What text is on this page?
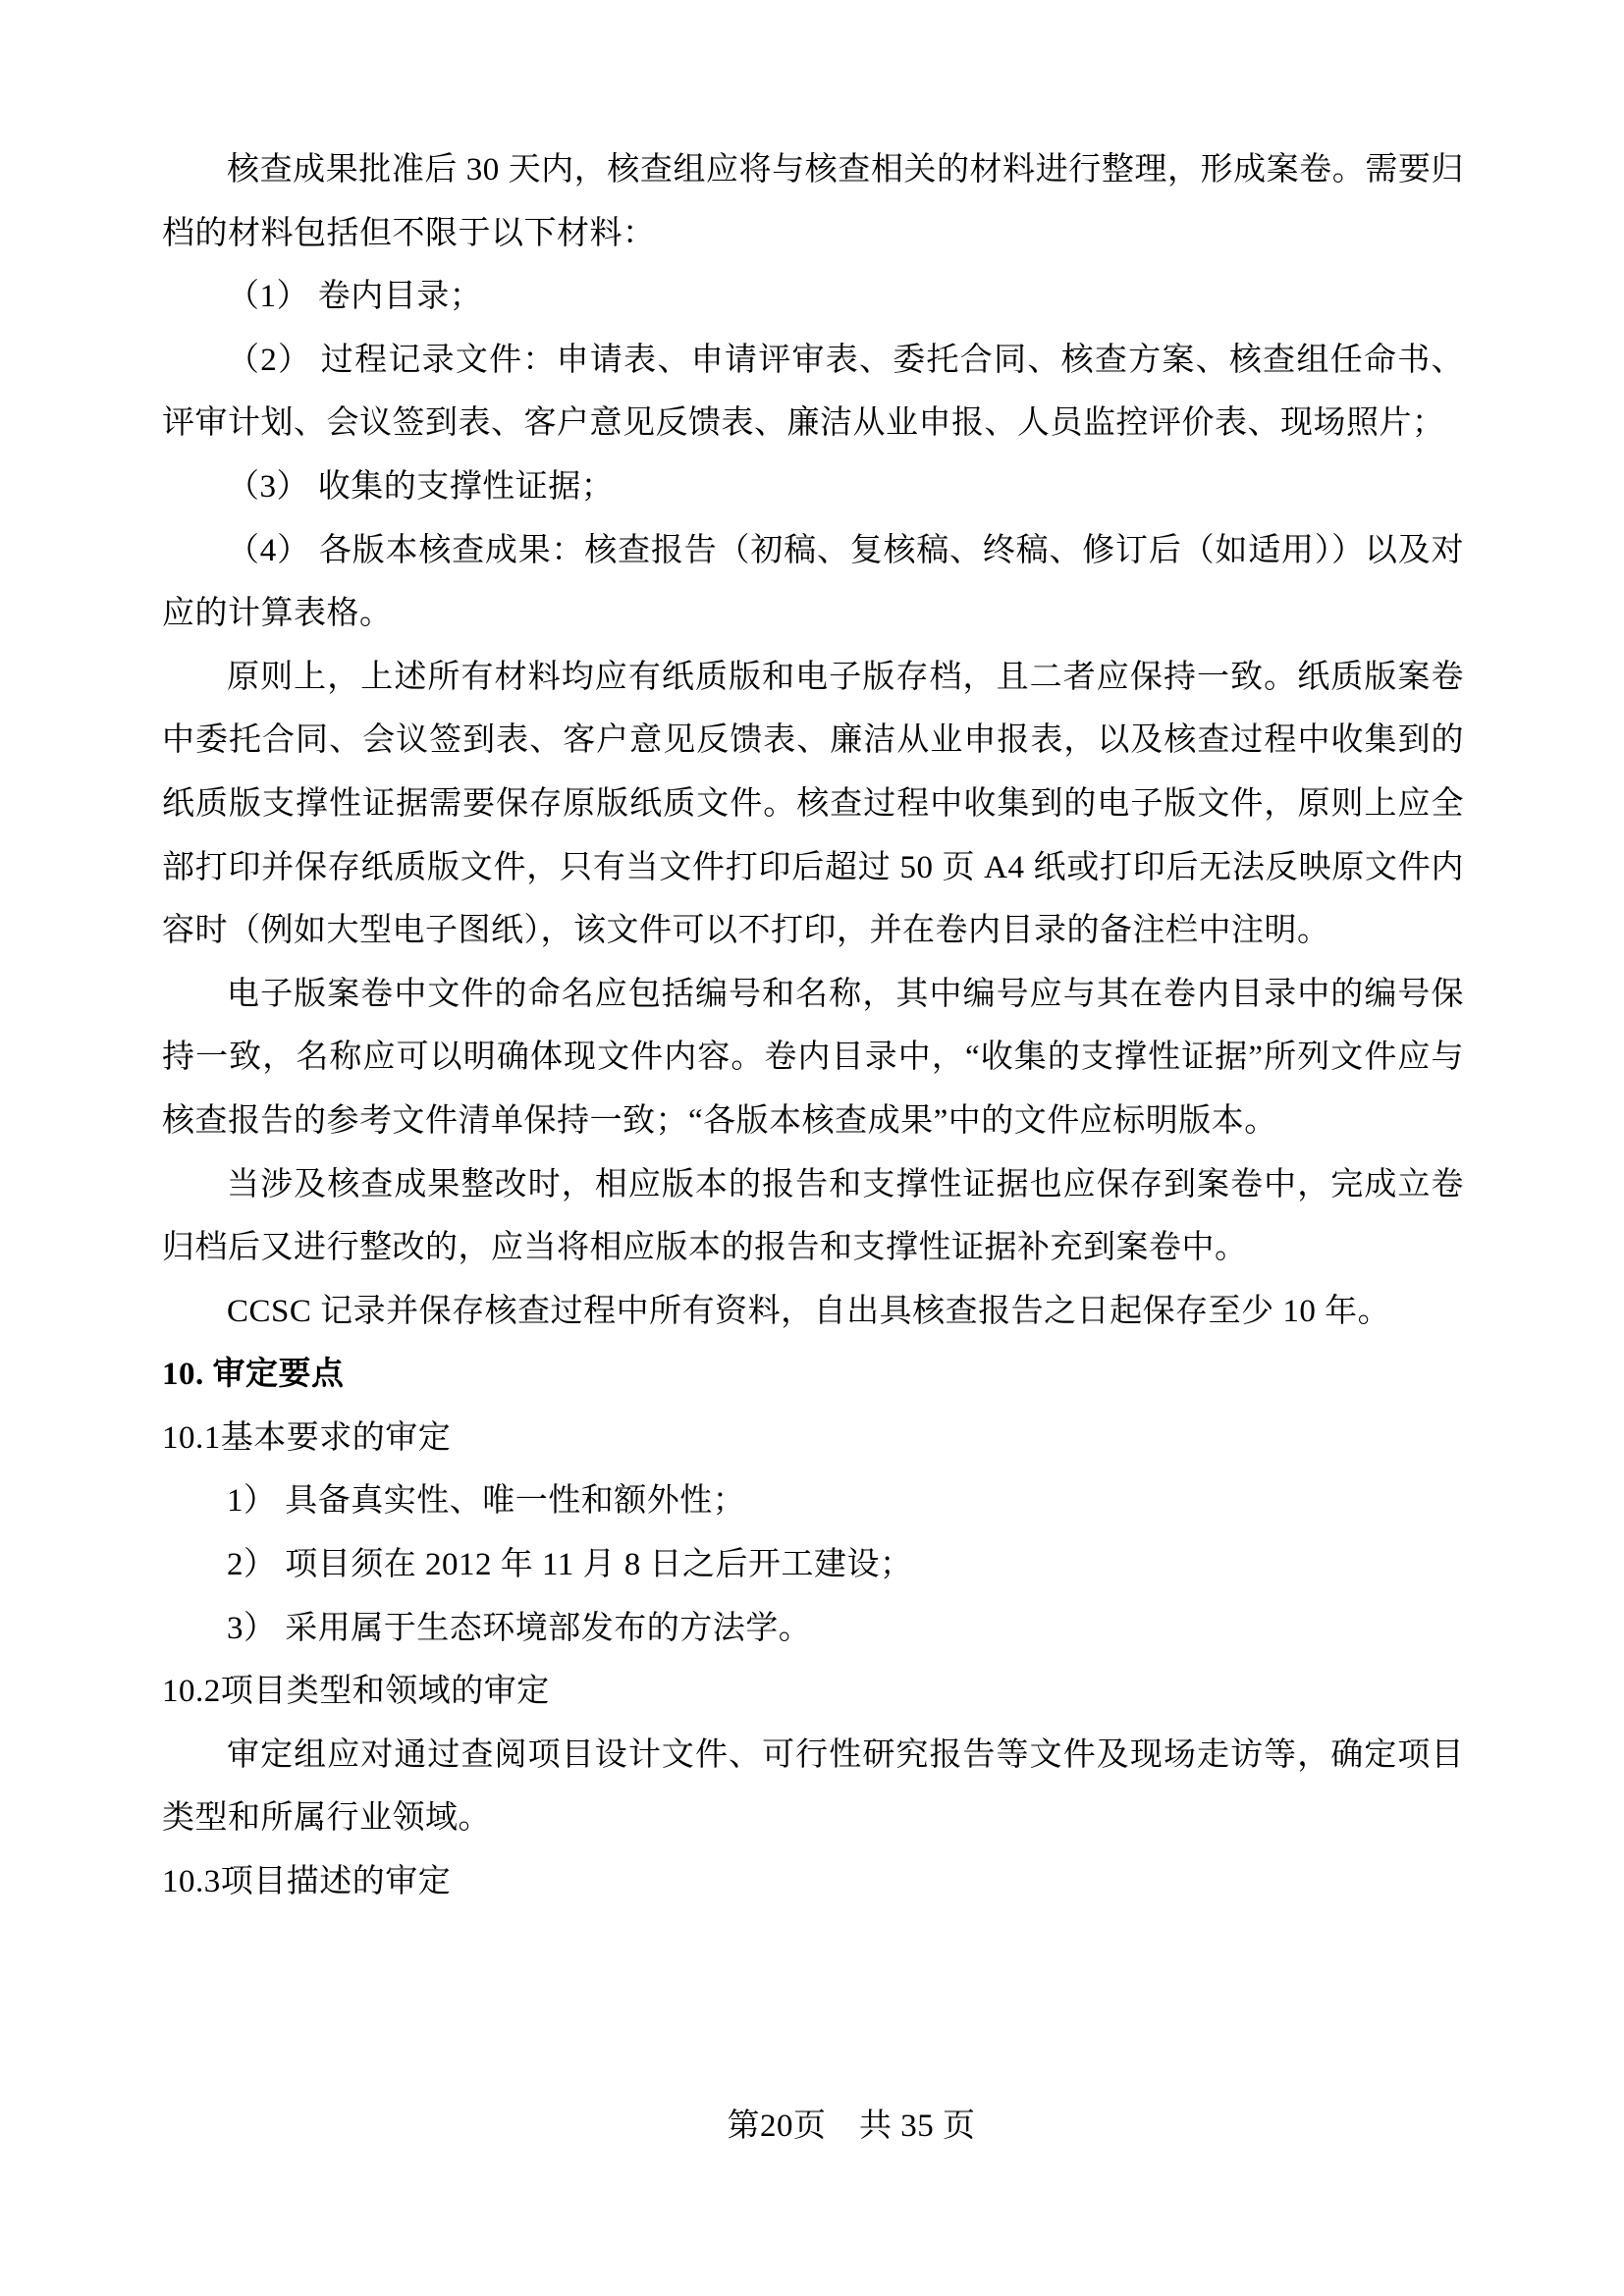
核查成果批准后 30 天内，核查组应将与核查相关的材料进行整理，形成案卷。需要归档的材料包括但不限于以下材料：

（1） 卷内目录；

（2） 过程记录文件：申请表、申请评审表、委托合同、核查方案、核查组任命书、评审计划、会议签到表、客户意见反馈表、廉洁从业申报、人员监控评价表、现场照片；

（3） 收集的支撑性证据；

（4） 各版本核查成果：核查报告（初稿、复核稿、终稿、修订后（如适用））以及对应的计算表格。

原则上，上述所有材料均应有纸质版和电子版存档，且二者应保持一致。纸质版案卷中委托合同、会议签到表、客户意见反馈表、廉洁从业申报表，以及核查过程中收集到的纸质版支撑性证据需要保存原版纸质文件。核查过程中收集到的电子版文件，原则上应全部打印并保存纸质版文件，只有当文件打印后超过 50 页 A4 纸或打印后无法反映原文件内容时（例如大型电子图纸），该文件可以不打印，并在卷内目录的备注栏中注明。

电子版案卷中文件的命名应包括编号和名称，其中编号应与其在卷内目录中的编号保持一致，名称应可以明确体现文件内容。卷内目录中，“收集的支撑性证据”所列文件应与核查报告的参考文件清单保持一致；“各版本核查成果”中的文件应标明版本。

当涉及核查成果整改时，相应版本的报告和支撑性证据也应保存到案卷中，完成立卷归档后又进行整改的，应当将相应版本的报告和支撑性证据补充到案卷中。

CCSC 记录并保存核查过程中所有资料，自出具核查报告之日起保存至少 10 年。

10. 审定要点

10.1基本要求的审定

1） 具备真实性、唯一性和额外性；

2） 项目须在 2012 年 11 月 8 日之后开工建设；

3） 采用属于生态环境部发布的方法学。

10.2项目类型和领域的审定

审定组应对通过查阅项目设计文件、可行性研究报告等文件及现场走访等，确定项目类型和所属行业领域。

10.3项目描述的审定

第20页　共 35 页
